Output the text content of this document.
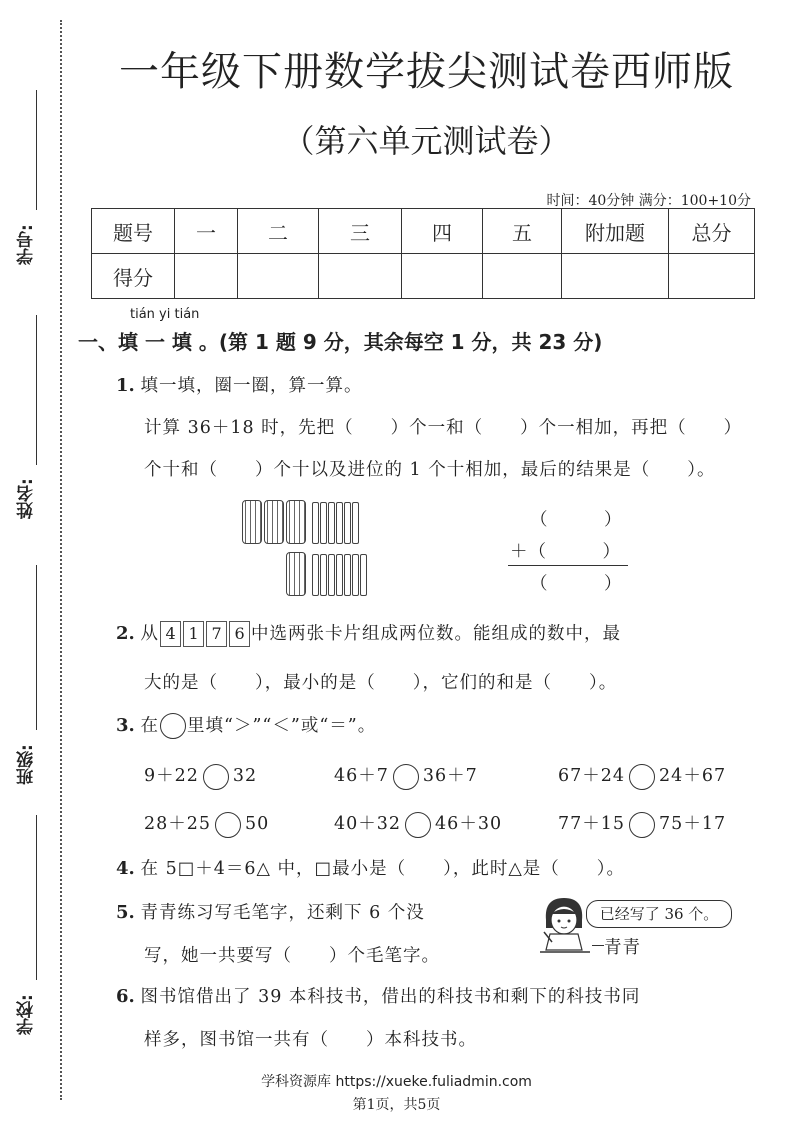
学号:
姓名:
班级:
学校:
一年级下册数学拔尖测试卷西师版
（第六单元测试卷）
时间：40分钟 满分：100+10分
题号	一	二	三	四	五	附加题	总分
得分							
tián yi tián
一、填 一 填 。(第 1 题 9 分，其余每空 1 分，共 23 分)
1. 填一填，圈一圈，算一算。
计算 36＋18 时，先把（　　）个一和（　　）个一相加，再把（　　）
个十和（　　）个十以及进位的 1 个十相加，最后的结果是（　　）。
（　　　）
＋（　　　）
（　　　）
2. 从 4 1 7 6 中选两张卡片组成两位数。能组成的数中，最
大的是（　　），最小的是（　　），它们的和是（　　）。
3. 在 里填“＞”“＜”或“＝”。
9＋22 32	46＋7 36＋7	67＋24 24＋67
28＋25 50	40＋32 46＋30	77＋15 75＋17
4. 在 5□＋4＝6△ 中，□最小是（　　），此时△是（　　）。
5. 青青练习写毛笔字，还剩下 6 个没
写，她一共要写（　　）个毛笔字。
已经写了 36 个。
青青
6. 图书馆借出了 39 本科技书，借出的科技书和剩下的科技书同
样多，图书馆一共有（　　）本科技书。
学科资源库 https://xueke.fuliadmin.com
第1页，共5页
